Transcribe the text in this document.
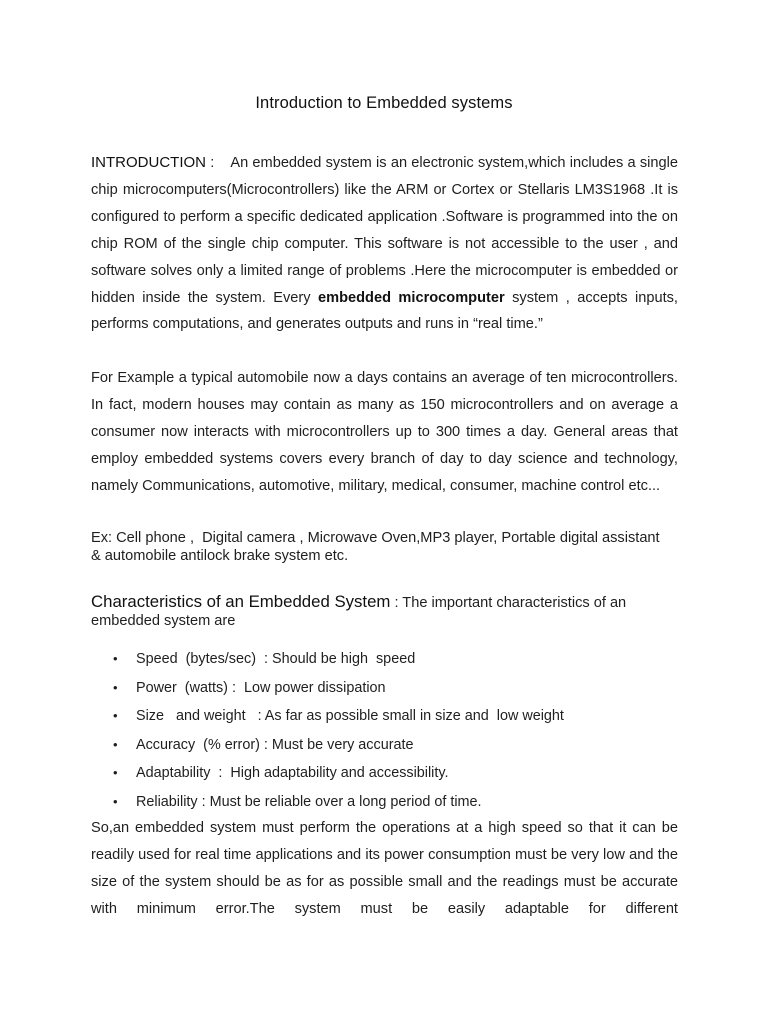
Introduction to Embedded systems
INTRODUCTION :    An embedded system is an electronic system,which includes a single chip microcomputers(Microcontrollers) like the ARM or Cortex or Stellaris LM3S1968 .It is configured to perform a specific dedicated application .Software is programmed into the on chip ROM of the single chip computer. This software is not accessible to the user , and software solves only a limited range of problems .Here the microcomputer is embedded or hidden inside the system. Every embedded microcomputer system , accepts inputs, performs computations, and generates outputs and runs in “real time.”
For Example a typical automobile now a days contains an average of ten microcontrollers. In fact, modern houses may contain as many as 150 microcontrollers and on average a consumer now interacts with microcontrollers up to 300 times a day. General areas that employ embedded systems covers every branch of day to day science and technology, namely Communications, automotive, military, medical, consumer, machine control etc...
Ex: Cell phone ,  Digital camera , Microwave Oven,MP3 player, Portable digital assistant
& automobile antilock brake system etc.
Characteristics of an Embedded System : The important characteristics of an embedded system are
• Speed  (bytes/sec)  : Should be high  speed
• Power  (watts) :  Low power dissipation
• Size   and weight   : As far as possible small in size and  low weight
• Accuracy  (% error) : Must be very accurate
• Adaptability  :  High adaptability and accessibility.
• Reliability : Must be reliable over a long period of time.
So,an embedded system must perform the operations at a high speed so that it can be readily used for real time applications and its power consumption must be very low and the size of the system should be as for as possible small and the readings must be accurate with minimum error.The system must be easily adaptable for different
